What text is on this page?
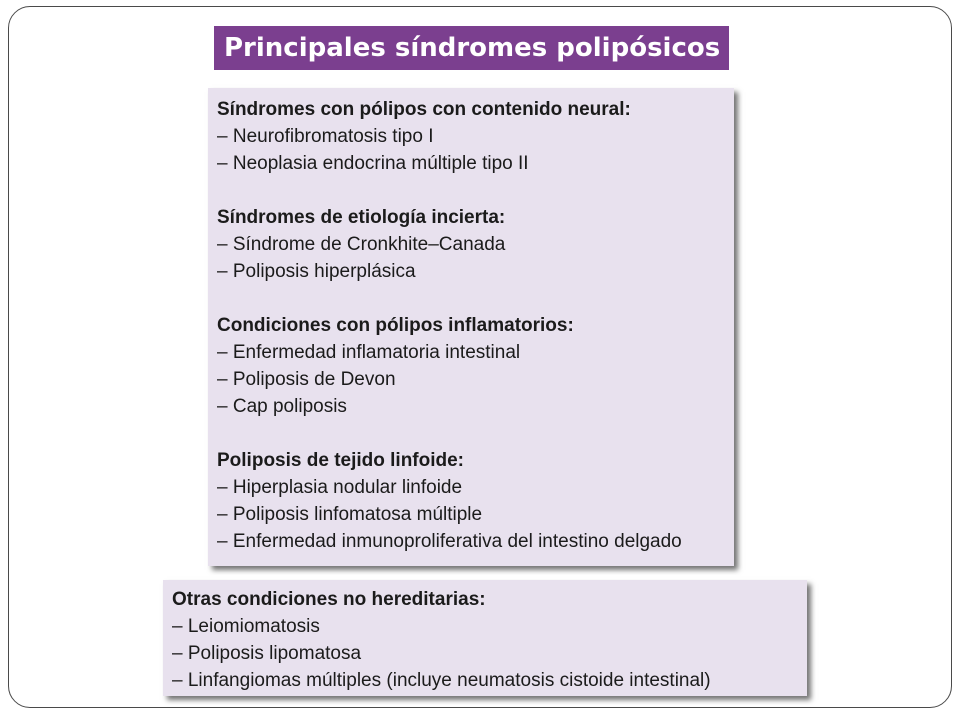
Principales síndromes polipósicos
Síndromes con pólipos con contenido neural:
– Neurofibromatosis tipo I
– Neoplasia endocrina múltiple tipo II
Síndromes de etiología incierta:
– Síndrome de Cronkhite–Canada
– Poliposis hiperplásica
Condiciones con pólipos inflamatorios:
– Enfermedad inflamatoria intestinal
– Poliposis de Devon
– Cap poliposis
Poliposis de tejido linfoide:
– Hiperplasia nodular linfoide
– Poliposis linfomatosa múltiple
– Enfermedad inmunoproliferativa del intestino delgado
Otras condiciones no hereditarias:
– Leiomiomatosis
– Poliposis lipomatosa
– Linfangiomas múltiples (incluye neumatosis cistoide intestinal)
